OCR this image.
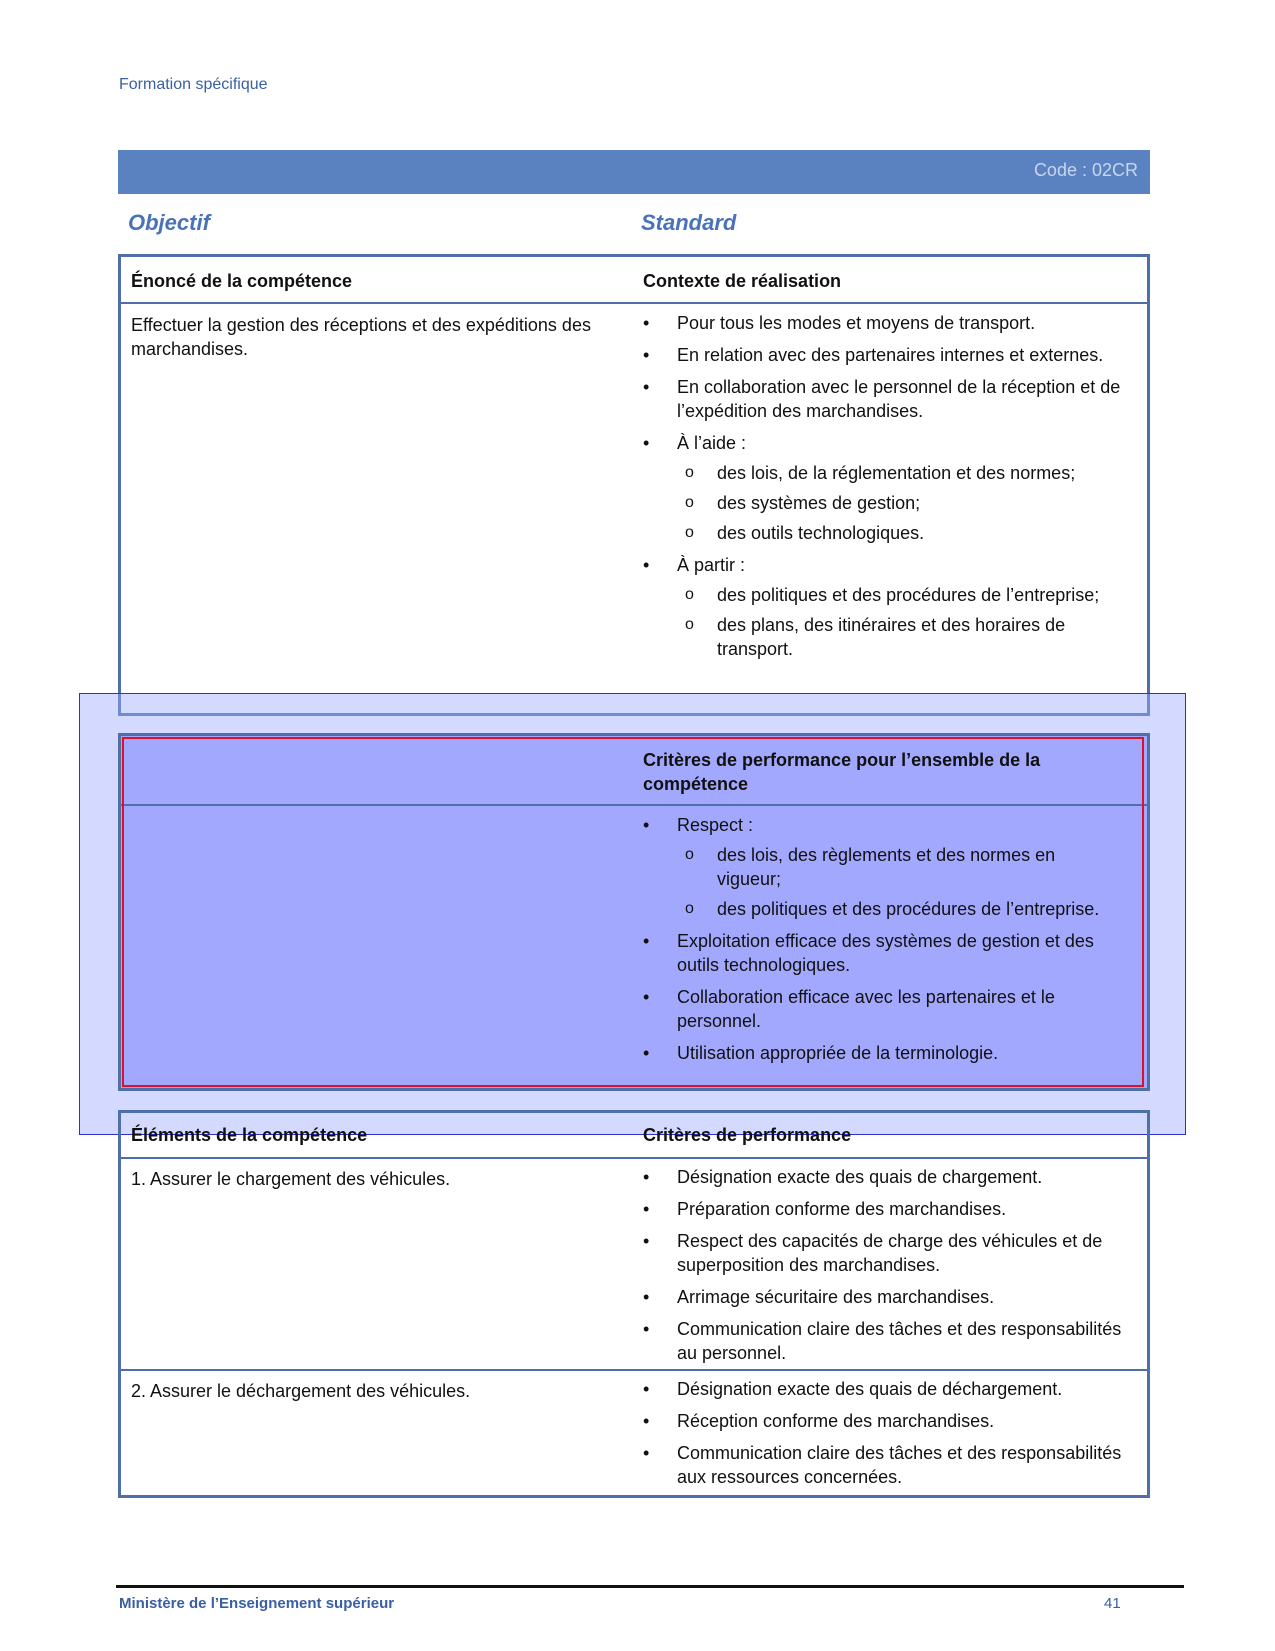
Formation spécifique
Code : 02CR
Objectif	Standard
Énoncé de la compétence	Contexte de réalisation
Effectuer la gestion des réceptions et des expéditions des marchandises.
• Pour tous les modes et moyens de transport.
• En relation avec des partenaires internes et externes.
• En collaboration avec le personnel de la réception et de l’expédition des marchandises.
• À l’aide :
o des lois, de la réglementation et des normes;
o des systèmes de gestion;
o des outils technologiques.
• À partir :
o des politiques et des procédures de l’entreprise;
o des plans, des itinéraires et des horaires de transport.
Critères de performance pour l’ensemble de la compétence
• Respect :
o des lois, des règlements et des normes en vigueur;
o des politiques et des procédures de l’entreprise.
• Exploitation efficace des systèmes de gestion et des outils technologiques.
• Collaboration efficace avec les partenaires et le personnel.
• Utilisation appropriée de la terminologie.
Éléments de la compétence	Critères de performance
1. Assurer le chargement des véhicules.	• Désignation exacte des quais de chargement.
• Préparation conforme des marchandises.
• Respect des capacités de charge des véhicules et de superposition des marchandises.
• Arrimage sécuritaire des marchandises.
• Communication claire des tâches et des responsabilités au personnel.
2. Assurer le déchargement des véhicules.	• Désignation exacte des quais de déchargement.
• Réception conforme des marchandises.
• Communication claire des tâches et des responsabilités aux ressources concernées.
Ministère de l’Enseignement supérieur	41
